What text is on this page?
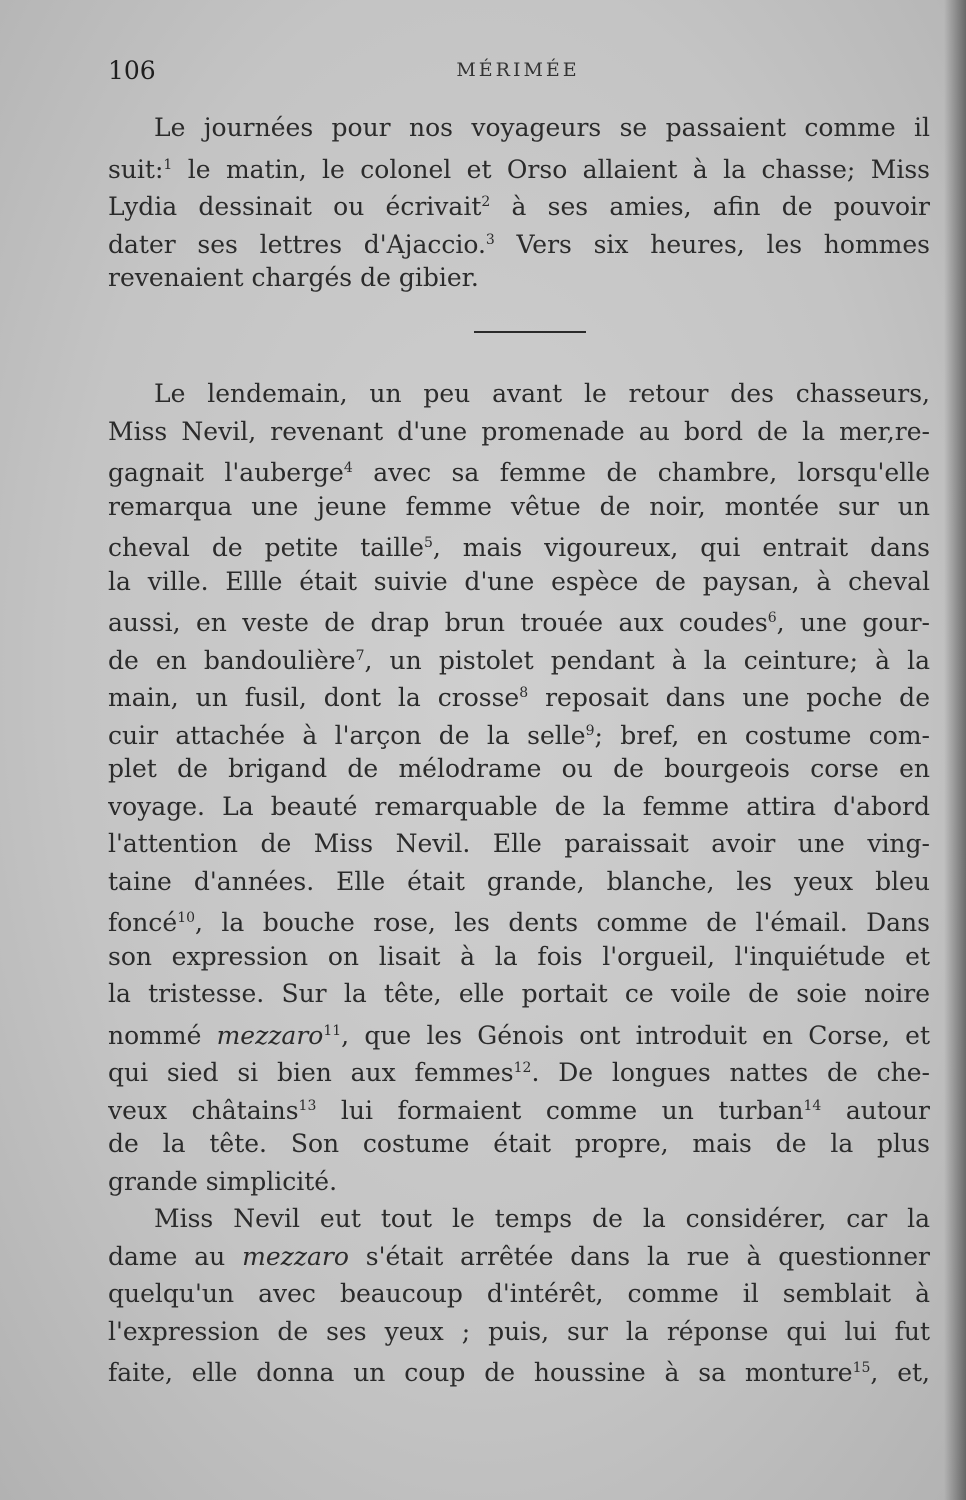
106	MÉRIMÉE
Le journées pour nos voyageurs se passaient comme il
suit:$^1$ le matin, le colonel et Orso allaient à la chasse; Miss
Lydia dessinait ou écrivait$^2$ à ses amies, afin de pouvoir
dater ses lettres d'Ajaccio.$^3$ Vers six heures, les hommes
revenaient chargés de gibier.
Le lendemain, un peu avant le retour des chasseurs,
Miss Nevil, revenant d'une promenade au bord de la mer,re-
gagnait l'auberge$^4$ avec sa femme de chambre, lorsqu'elle
remarqua une jeune femme vêtue de noir, montée sur un
cheval de petite taille$^5$, mais vigoureux, qui entrait dans
la ville. Ellle était suivie d'une espèce de paysan, à cheval
aussi, en veste de drap brun trouée aux coudes$^6$, une gour-
de en bandoulière$^7$, un pistolet pendant à la ceinture; à la
main, un fusil, dont la crosse$^8$ reposait dans une poche de
cuir attachée à l'arçon de la selle$^9$; bref, en costume com-
plet de brigand de mélodrame ou de bourgeois corse en
voyage. La beauté remarquable de la femme attira d'abord
l'attention de Miss Nevil. Elle paraissait avoir une ving-
taine d'années. Elle était grande, blanche, les yeux bleu
foncé$^{10}$, la bouche rose, les dents comme de l'émail. Dans
son expression on lisait à la fois l'orgueil, l'inquiétude et
la tristesse. Sur la tête, elle portait ce voile de soie noire
nommé mezzaro$^{11}$, que les Génois ont introduit en Corse, et
qui sied si bien aux femmes$^{12}$. De longues nattes de che-
veux châtains$^{13}$ lui formaient comme un turban$^{14}$ autour
de la tête. Son costume était propre, mais de la plus
grande simplicité.
Miss Nevil eut tout le temps de la considérer, car la
dame au mezzaro s'était arrêtée dans la rue à questionner
quelqu'un avec beaucoup d'intérêt, comme il semblait à
l'expression de ses yeux ; puis, sur la réponse qui lui fut
faite, elle donna un coup de houssine à sa monture$^{15}$, et,
